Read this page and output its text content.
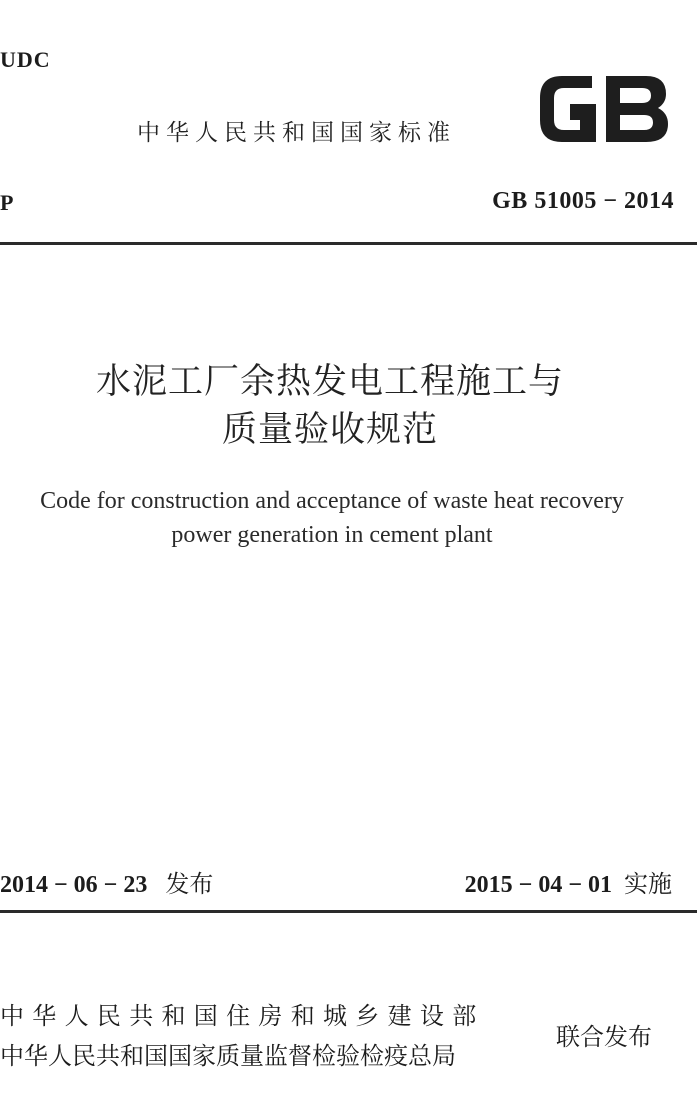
UDC
中华人民共和国国家标准
P	GB 51005 − 2014
水泥工厂余热发电工程施工与
质量验收规范
Code for construction and acceptance of waste heat recovery
power generation in cement plant
2014 − 06 − 23 发布	2015 − 04 − 01 实施
中华人民共和国住房和城乡建设部
中华人民共和国国家质量监督检验检疫总局
联合发布
